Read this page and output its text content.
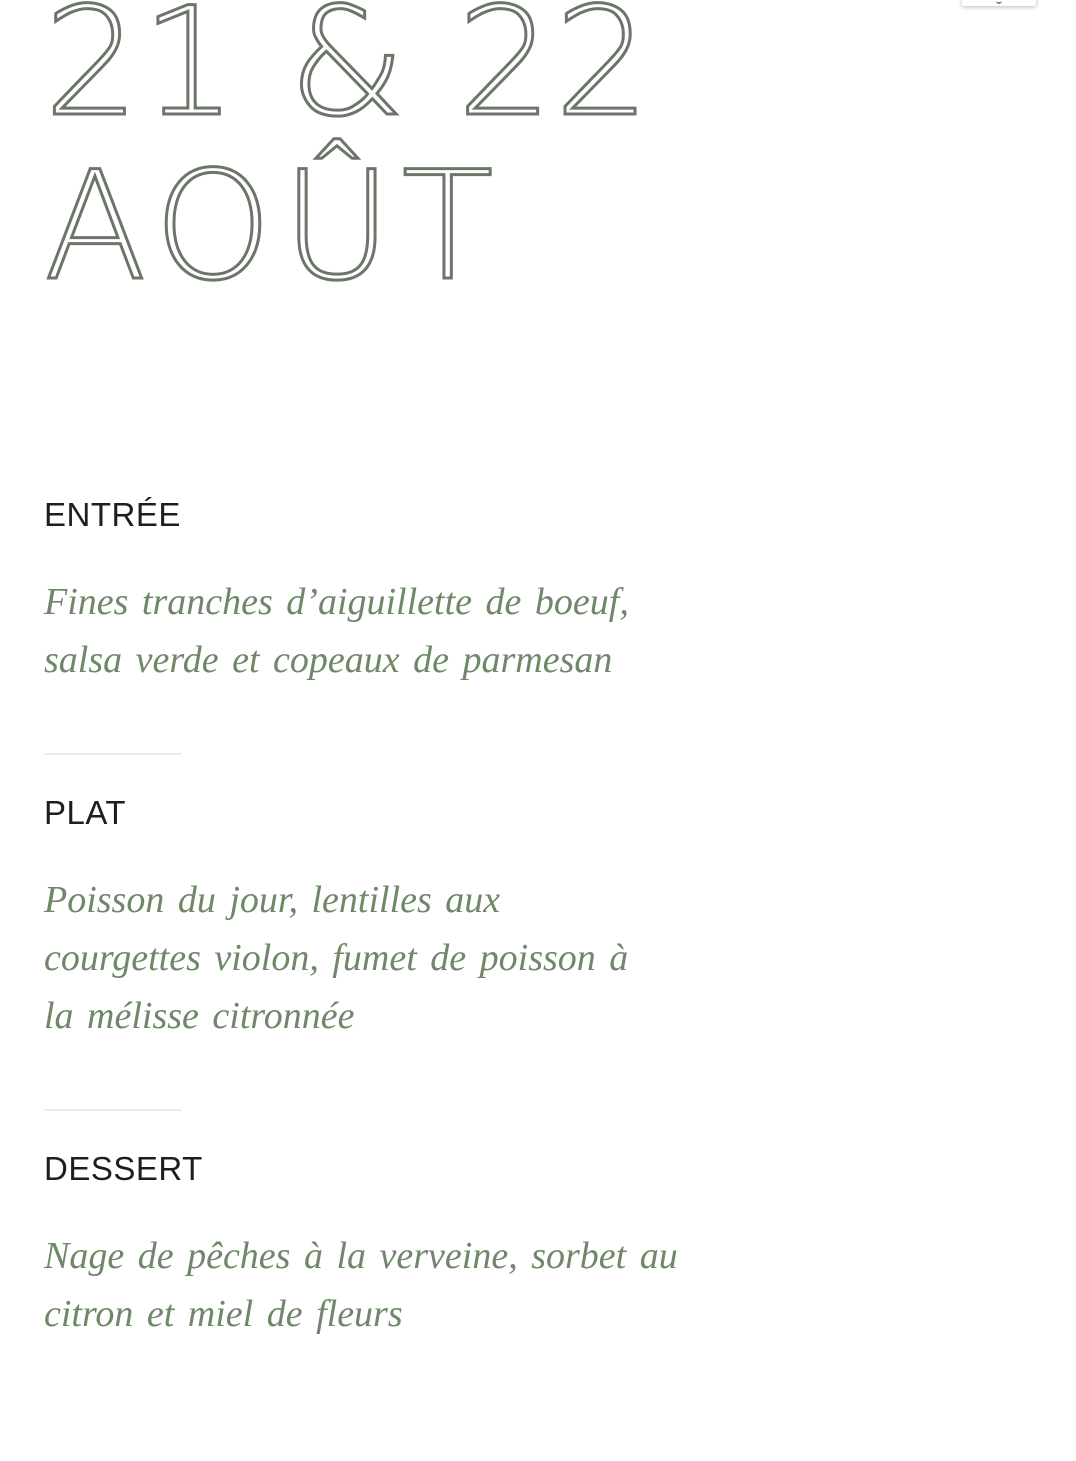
21 & 22
AOÛT

ENTRÉE

Fines tranches d’aiguillette de boeuf,
salsa verde et copeaux de parmesan

PLAT

Poisson du jour, lentilles aux
courgettes violon, fumet de poisson à
la mélisse citronnée

DESSERT

Nage de pêches à la verveine, sorbet au
citron et miel de fleurs
